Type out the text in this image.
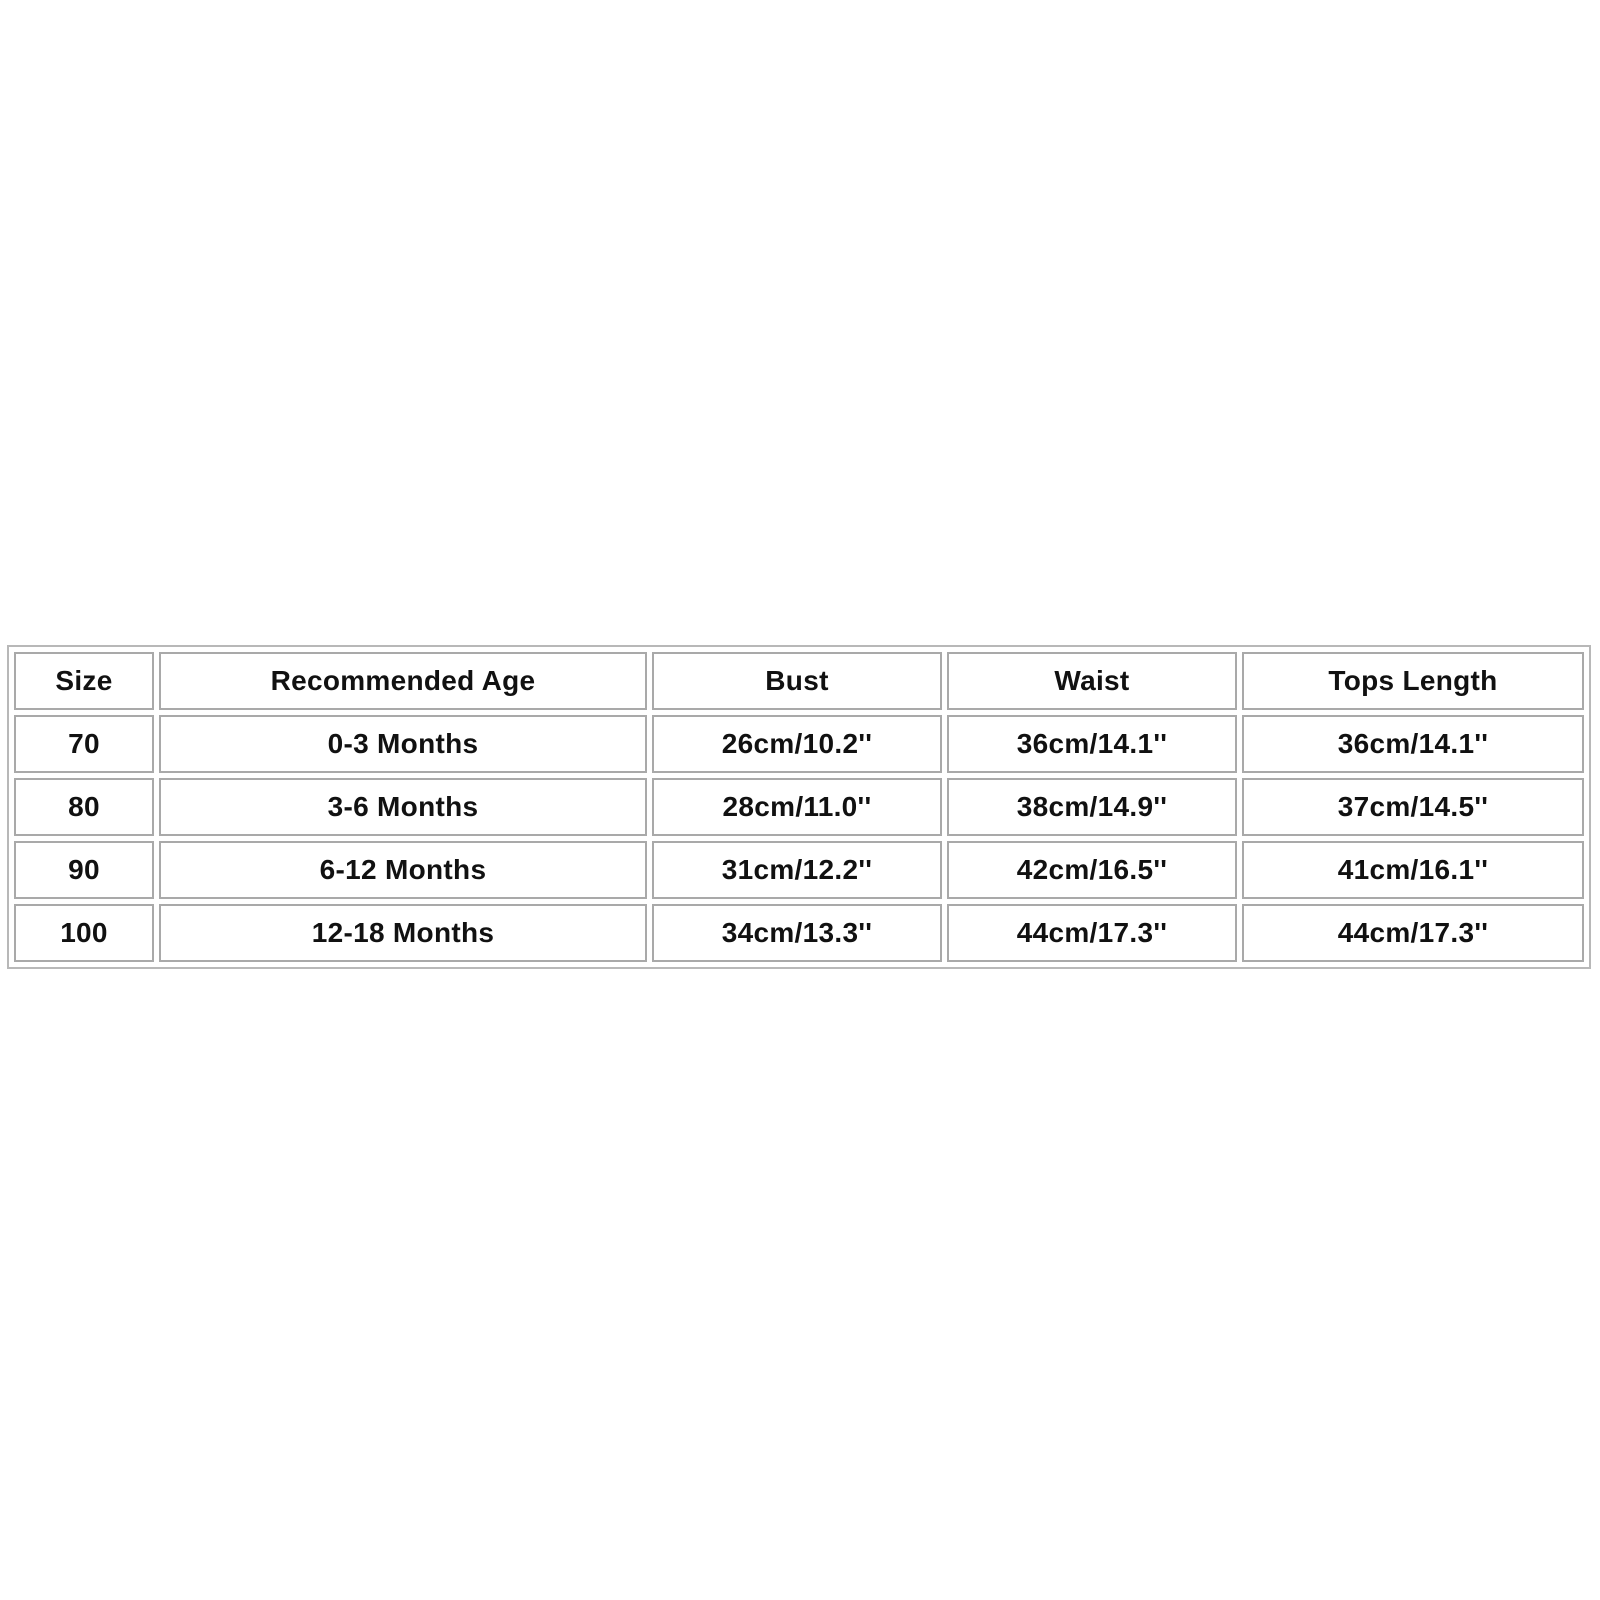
Size	Recommended Age	Bust	Waist	Tops Length
70	0-3 Months	26cm/10.2''	36cm/14.1''	36cm/14.1''
80	3-6 Months	28cm/11.0''	38cm/14.9''	37cm/14.5''
90	6-12 Months	31cm/12.2''	42cm/16.5''	41cm/16.1''
100	12-18 Months	34cm/13.3''	44cm/17.3''	44cm/17.3''
